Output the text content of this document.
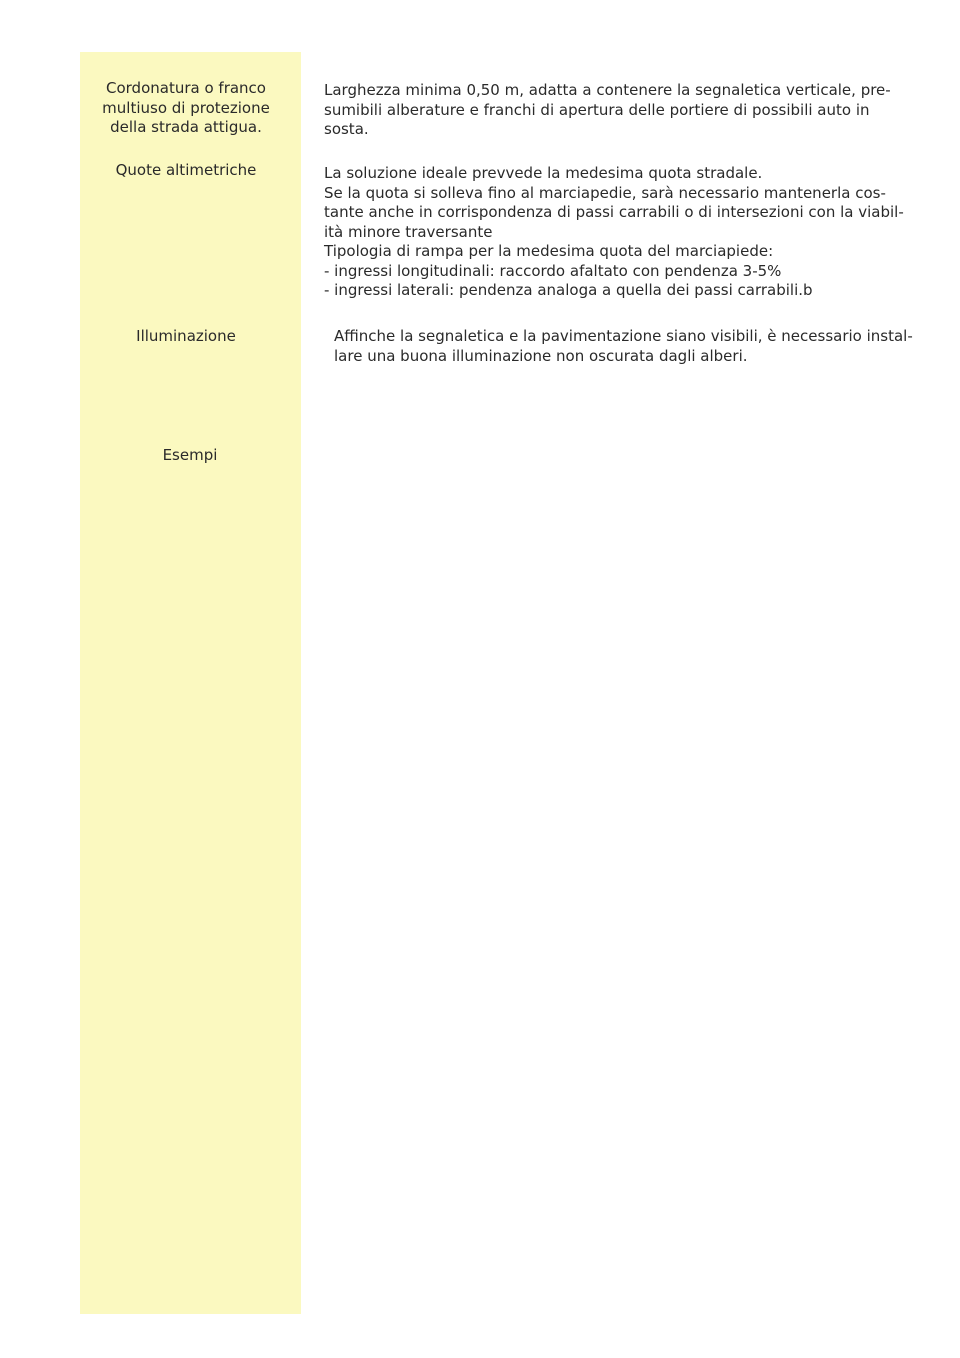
Cordonatura o franco
multiuso di protezione
della strada attigua.
Larghezza minima 0,50 m, adatta a contenere la segnaletica verticale, pre-
sumibili alberature e franchi di apertura delle portiere di possibili auto in
sosta.
Quote altimetriche	La soluzione ideale prevvede la medesima quota stradale.
Se la quota si solleva fino al marciapedie, sarà necessario mantenerla cos-
tante anche in corrispondenza di passi carrabili o di intersezioni con la viabil-
ità minore traversante
Tipologia di rampa per la medesima quota del marciapiede:
- ingressi longitudinali: raccordo afaltato con pendenza 3-5%
- ingressi laterali: pendenza analoga a quella dei passi carrabili.b
Illuminazione	Affinche la segnaletica e la pavimentazione siano visibili, è necessario instal-
lare una buona illuminazione non oscurata dagli alberi.
Esempi
